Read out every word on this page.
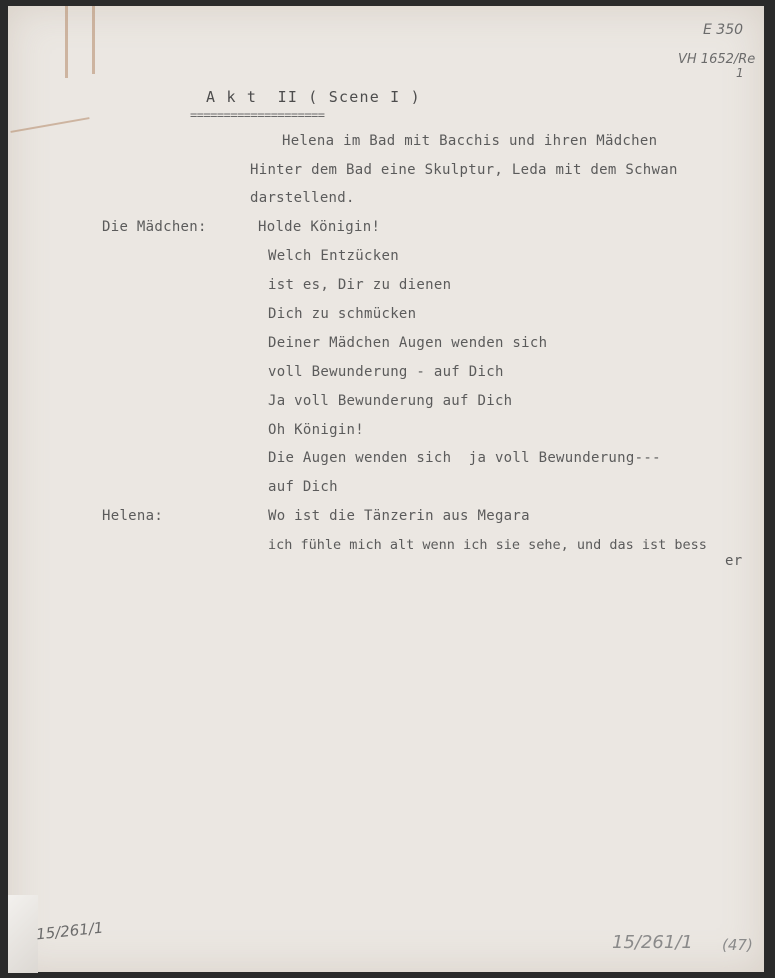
E 350
VH 1652/Re
1
A k t  II ( Scene I )
====================
Helena im Bad mit Bacchis und ihren Mädchen
Hinter dem Bad eine Skulptur, Leda mit dem Schwan
darstellend.
Die Mädchen:	Holde Königin!
Welch Entzücken
ist es, Dir zu dienen
Dich zu schmücken
Deiner Mädchen Augen wenden sich
voll Bewunderung - auf Dich
Ja voll Bewunderung auf Dich
Oh Königin!
Die Augen wenden sich  ja voll Bewunderung---
auf Dich
Helena:	Wo ist die Tänzerin aus Megara
ich fühle mich alt wenn ich sie sehe, und das ist bess
er
15/261/1	15/261/1 (47)
